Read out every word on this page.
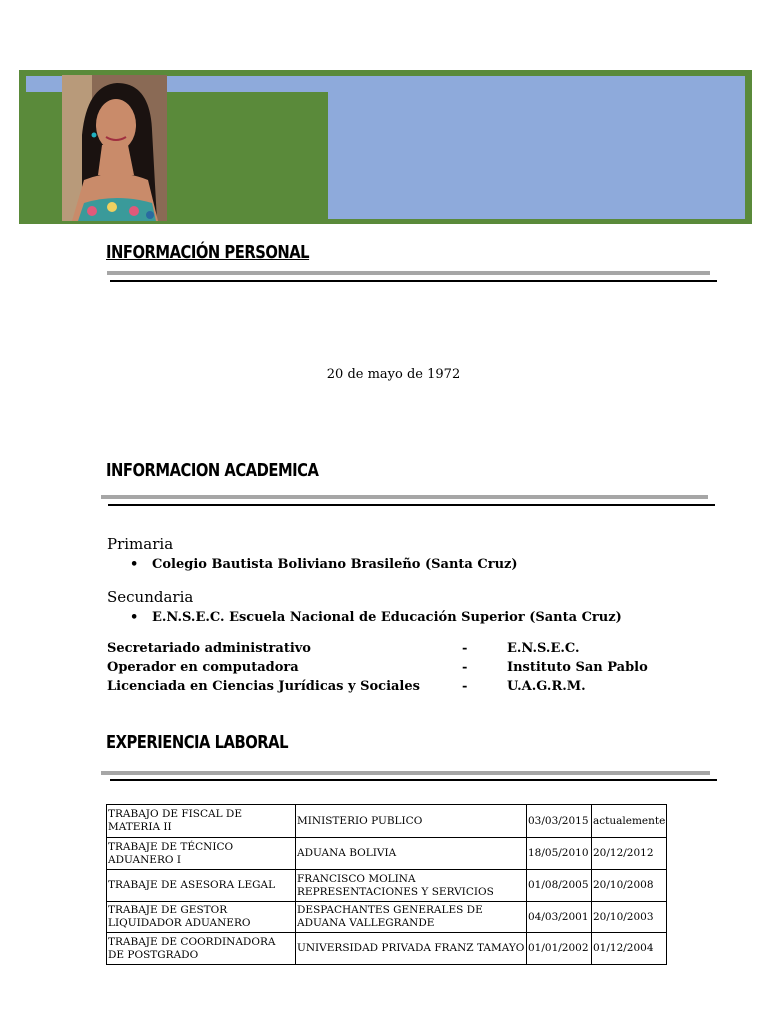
INFORMACIÓN PERSONAL
20 de mayo de 1972
INFORMACION ACADEMICA
Primaria
• Colegio Bautista Boliviano Brasileño (Santa Cruz)
Secundaria
• E.N.S.E.C. Escuela Nacional de Educación Superior (Santa Cruz)
Secretariado administrativo	-	E.N.S.E.C.
Operador en computadora	-	Instituto San Pablo
Licenciada en Ciencias Jurídicas y Sociales	-	U.A.G.R.M.
EXPERIENCIA LABORAL
TRABAJO DE FISCAL DE MATERIA II	MINISTERIO PUBLICO	03/03/2015	actualemente
TRABAJE DE TÉCNICO ADUANERO I	ADUANA BOLIVIA	18/05/2010	20/12/2012
TRABAJE DE ASESORA LEGAL	FRANCISCO MOLINA REPRESENTACIONES Y SERVICIOS	01/08/2005	20/10/2008
TRABAJE DE GESTOR LIQUIDADOR ADUANERO	DESPACHANTES GENERALES DE ADUANA VALLEGRANDE	04/03/2001	20/10/2003
TRABAJE DE COORDINADORA DE POSTGRADO	UNIVERSIDAD PRIVADA FRANZ TAMAYO	01/01/2002	01/12/2004
